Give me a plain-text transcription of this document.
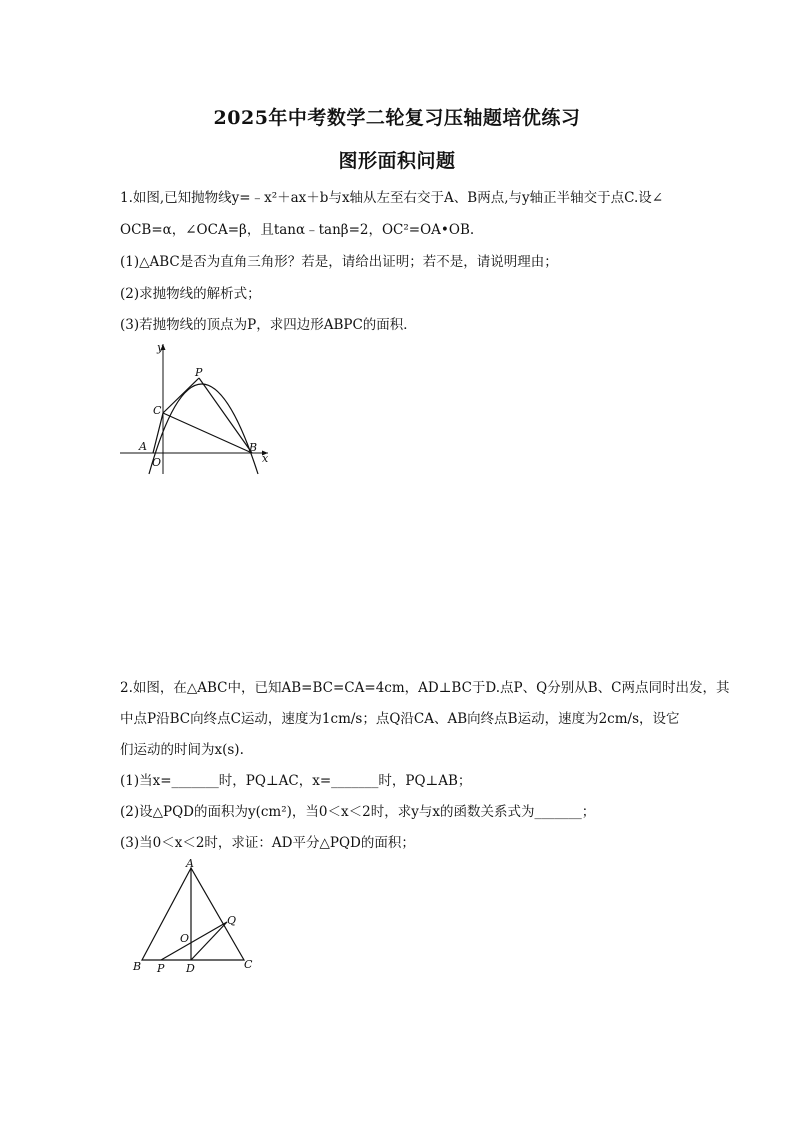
2025年中考数学二轮复习压轴题培优练习
图形面积问题
1.如图,已知抛物线y=﹣x²＋ax＋b与x轴从左至右交于A、B两点,与y轴正半轴交于点C.设∠
OCB=α，∠OCA=β，且tanα﹣tanβ=2，OC²=OA•OB.
(1)△ABC是否为直角三角形？若是，请给出证明；若不是，请说明理由；
(2)求抛物线的解析式；
(3)若抛物线的顶点为P，求四边形ABPC的面积．
y
x
P
C
A	B
O
2.如图，在△ABC中，已知AB=BC=CA=4cm，AD⊥BC于D.点P、Q分别从B、C两点同时出发，其
中点P沿BC向终点C运动，速度为1cm/s；点Q沿CA、AB向终点B运动，速度为2cm/s，设它
们运动的时间为x(s).
(1)当x=_______时，PQ⊥AC，x=_______时，PQ⊥AB；
(2)设△PQD的面积为y(cm²)，当0＜x＜2时，求y与x的函数关系式为_______；
(3)当0＜x＜2时，求证：AD平分△PQD的面积；
A
Q
O
B P D	C
